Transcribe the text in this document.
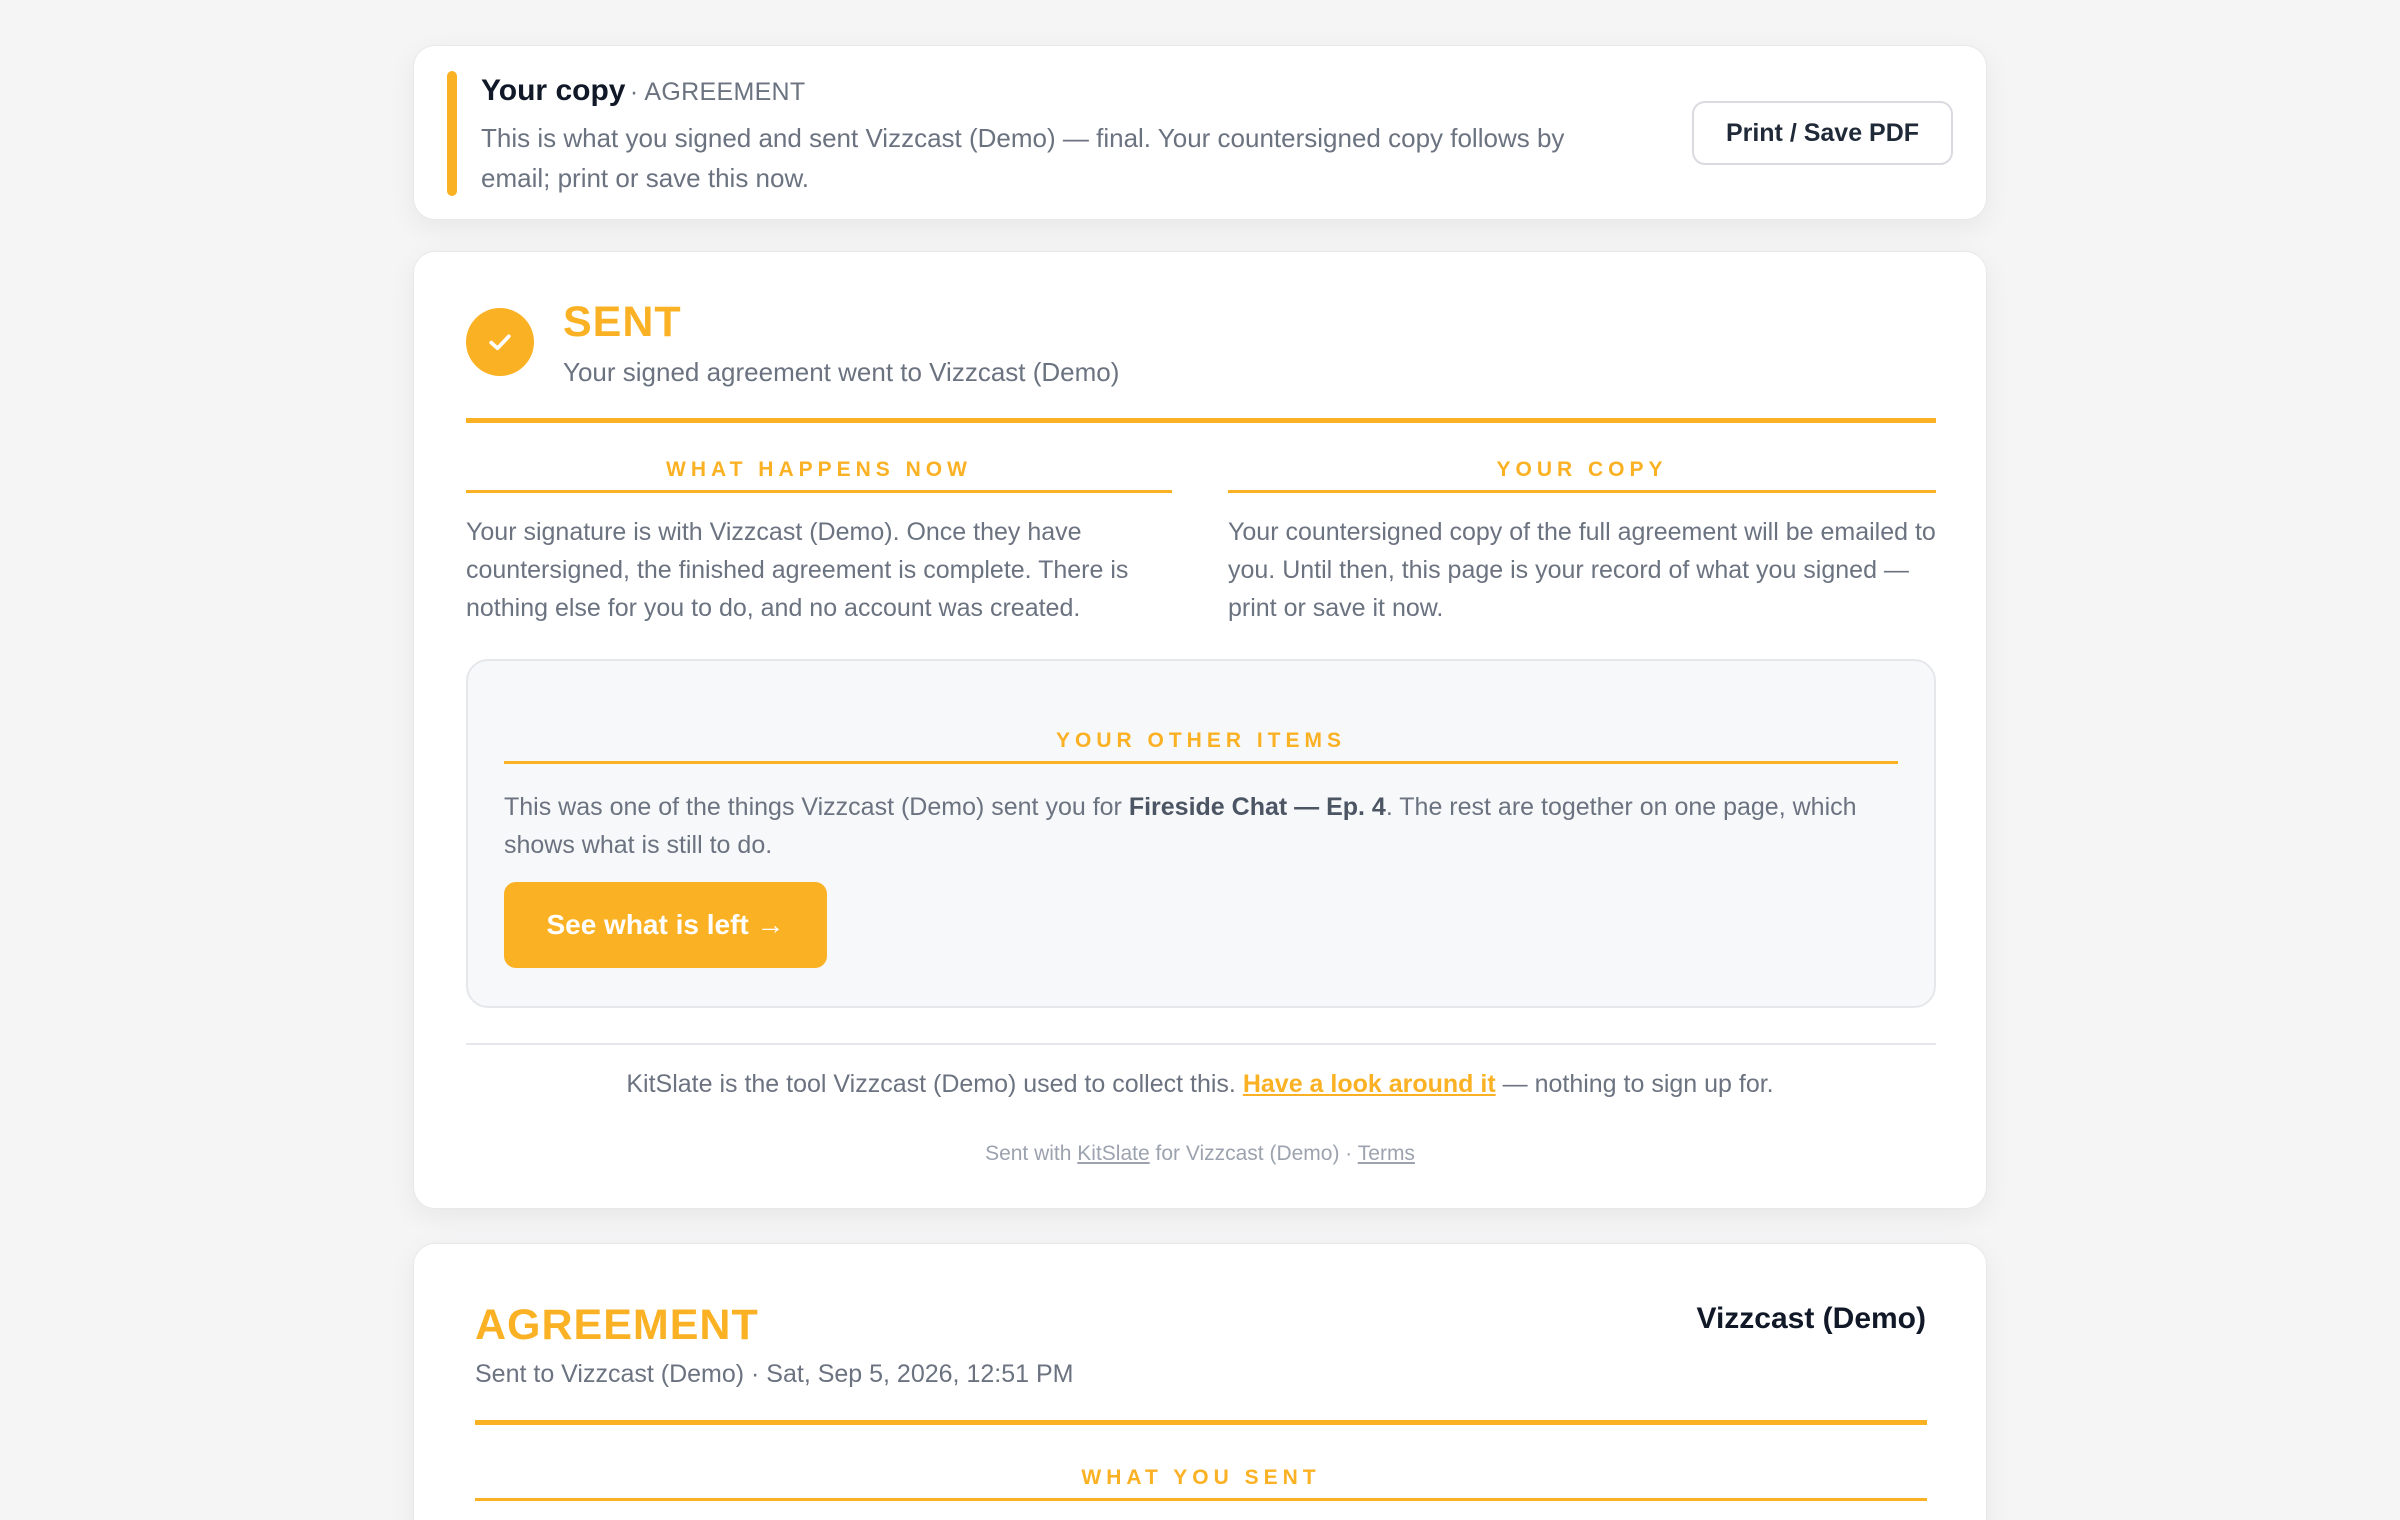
Your copy · AGREEMENT
This is what you signed and sent Vizzcast (Demo) — final. Your countersigned copy follows by email; print or save this now.
Print / Save PDF
SENT
Your signed agreement went to Vizzcast (Demo)
WHAT HAPPENS NOW
Your signature is with Vizzcast (Demo). Once they have countersigned, the finished agreement is complete. There is nothing else for you to do, and no account was created.
YOUR COPY
Your countersigned copy of the full agreement will be emailed to you. Until then, this page is your record of what you signed — print or save it now.
YOUR OTHER ITEMS
This was one of the things Vizzcast (Demo) sent you for Fireside Chat — Ep. 4. The rest are together on one page, which shows what is still to do.
See what is left →
KitSlate is the tool Vizzcast (Demo) used to collect this. Have a look around it — nothing to sign up for.
Sent with KitSlate for Vizzcast (Demo) · Terms
AGREEMENT
Sent to Vizzcast (Demo) · Sat, Sep 5, 2026, 12:51 PM
Vizzcast (Demo)
WHAT YOU SENT
